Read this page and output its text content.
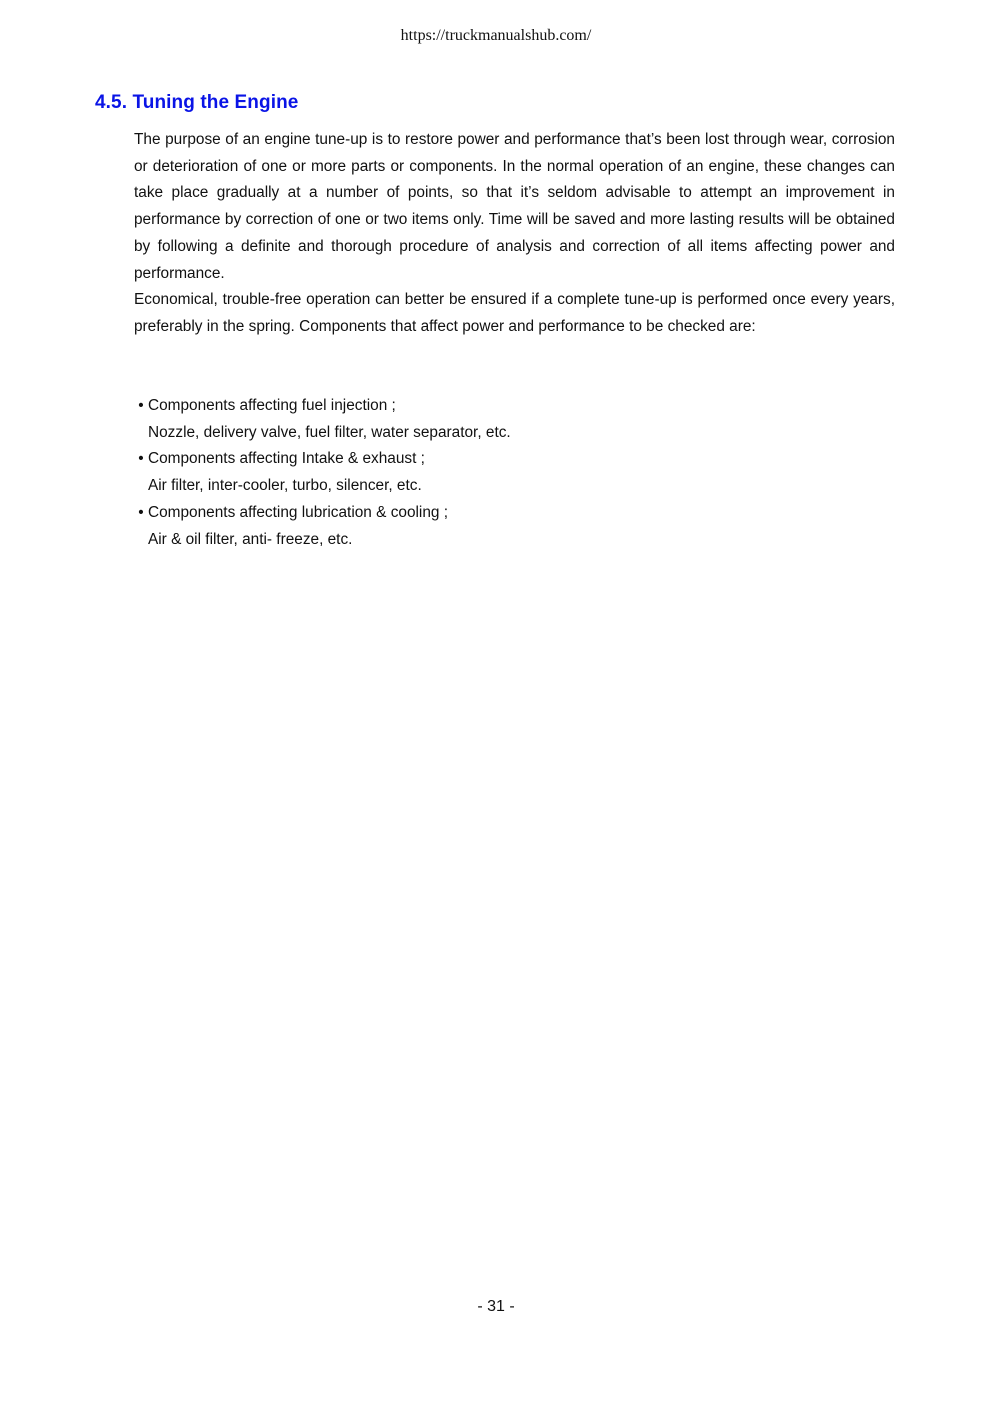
https://truckmanualshub.com/
4.5. Tuning the Engine

The purpose of an engine tune-up is to restore power and performance that’s been lost through wear, corrosion or deterioration of one or more parts or components. In the normal operation of an engine, these changes can take place gradually at a number of points, so that it’s seldom advisable to attempt an improvement in performance by correction of one or two items only. Time will be saved and more lasting results will be obtained by following a definite and thorough procedure of analysis and correction of all items affecting power and performance.

Economical, trouble-free operation can better be ensured if a complete tune-up is performed once every years, preferably in the spring. Components that affect power and performance to be checked are:

• Components affecting fuel injection ;
Nozzle, delivery valve, fuel filter, water separator, etc.
• Components affecting Intake & exhaust ;
Air filter, inter-cooler, turbo, silencer, etc.
• Components affecting lubrication & cooling ;
Air & oil filter, anti- freeze, etc.
- 31 -
